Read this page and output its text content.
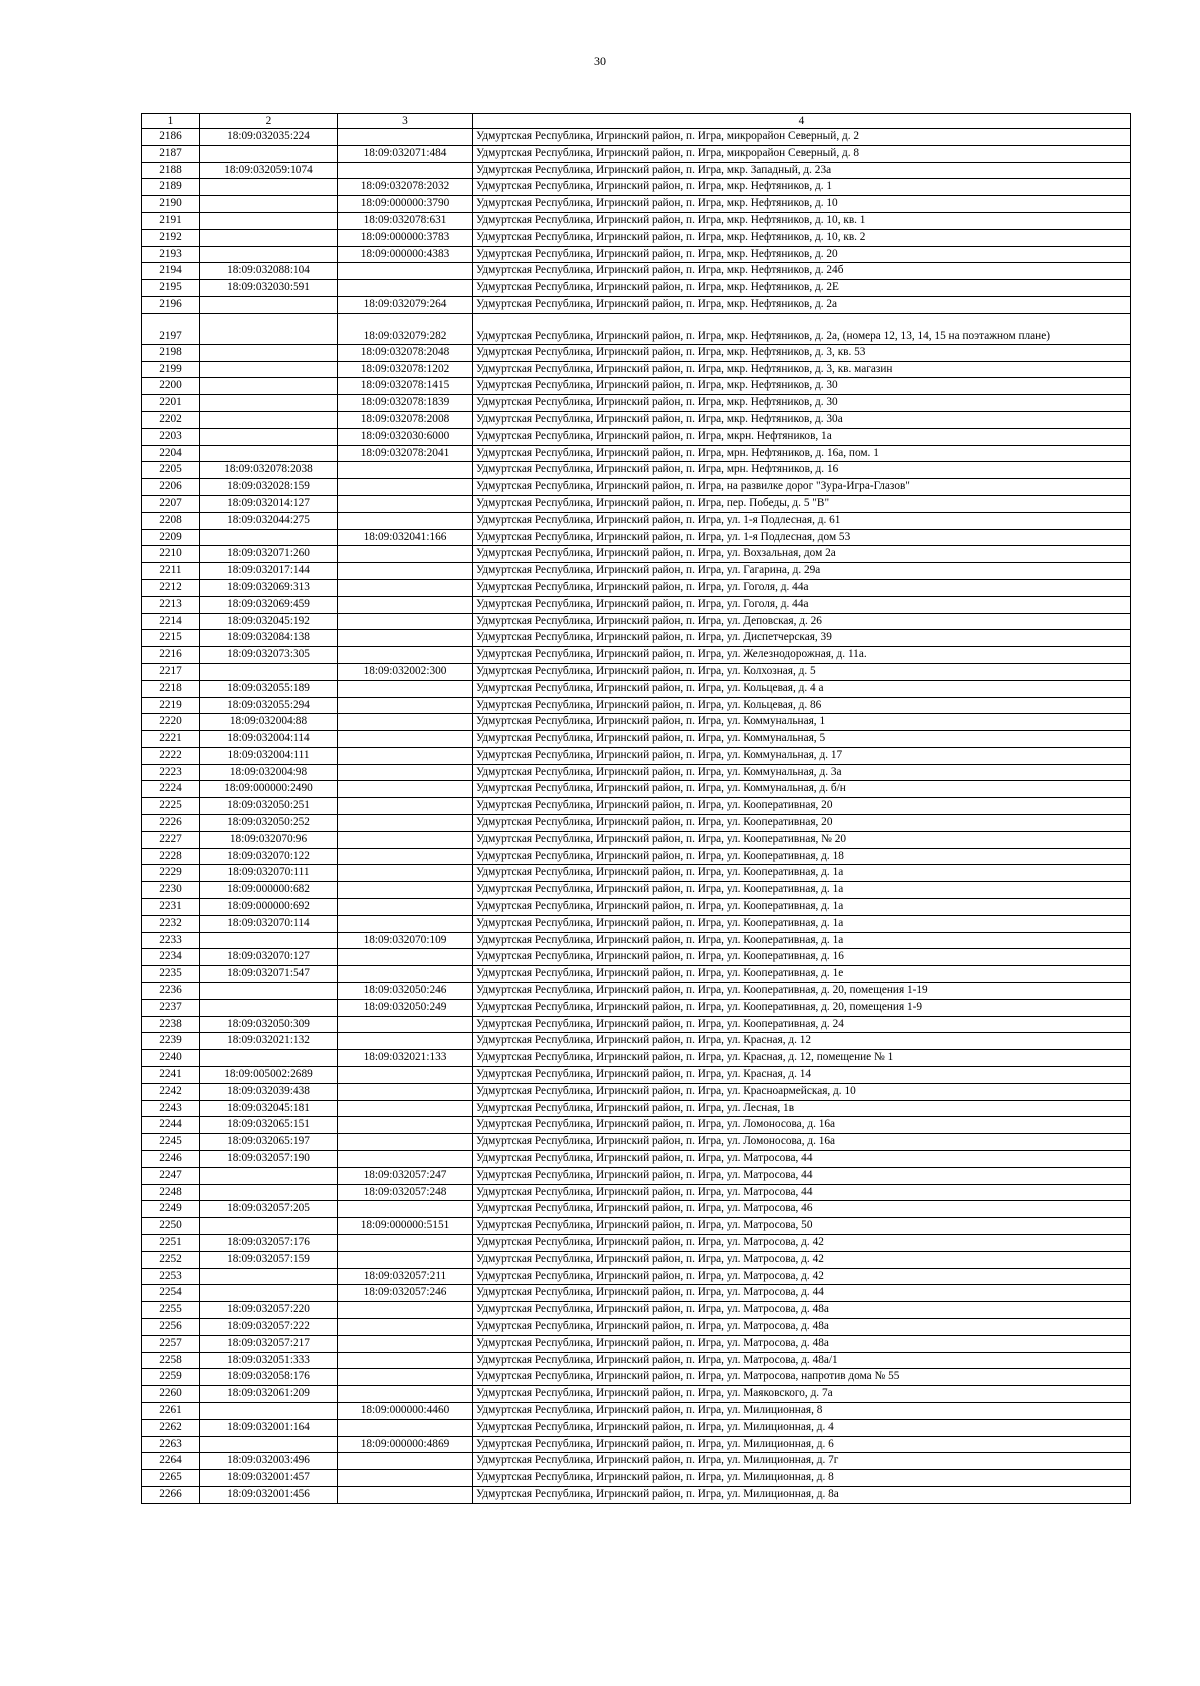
30
1	2	3	4
2186	18:09:032035:224		Удмуртская Республика, Игринский район, п. Игра, микрорайон Северный, д. 2
2187		18:09:032071:484	Удмуртская Республика, Игринский район, п. Игра, микрорайон Северный, д. 8
2188	18:09:032059:1074		Удмуртская Республика, Игринский район, п. Игра, мкр. Западный, д. 23а
2189		18:09:032078:2032	Удмуртская Республика, Игринский район, п. Игра, мкр. Нефтяников, д. 1
2190		18:09:000000:3790	Удмуртская Республика, Игринский район, п. Игра, мкр. Нефтяников, д. 10
2191		18:09:032078:631	Удмуртская Республика, Игринский район, п. Игра, мкр. Нефтяников, д. 10, кв. 1
2192		18:09:000000:3783	Удмуртская Республика, Игринский район, п. Игра, мкр. Нефтяников, д. 10, кв. 2
2193		18:09:000000:4383	Удмуртская Республика, Игринский район, п. Игра, мкр. Нефтяников, д. 20
2194	18:09:032088:104		Удмуртская Республика, Игринский район, п. Игра, мкр. Нефтяников, д. 24б
2195	18:09:032030:591		Удмуртская Республика, Игринский район, п. Игра, мкр. Нефтяников, д. 2Е
2196		18:09:032079:264	Удмуртская Республика, Игринский район, п. Игра, мкр. Нефтяников, д. 2а
2197		18:09:032079:282	Удмуртская Республика, Игринский район, п. Игра, мкр. Нефтяников, д. 2а, (номера 12, 13, 14, 15 на поэтажном плане)
2198		18:09:032078:2048	Удмуртская Республика, Игринский район, п. Игра, мкр. Нефтяников, д. 3, кв. 53
2199		18:09:032078:1202	Удмуртская Республика, Игринский район, п. Игра, мкр. Нефтяников, д. 3, кв. магазин
2200		18:09:032078:1415	Удмуртская Республика, Игринский район, п. Игра, мкр. Нефтяников, д. 30
2201		18:09:032078:1839	Удмуртская Республика, Игринский район, п. Игра, мкр. Нефтяников, д. 30
2202		18:09:032078:2008	Удмуртская Республика, Игринский район, п. Игра, мкр. Нефтяников, д. 30а
2203		18:09:032030:6000	Удмуртская Республика, Игринский район, п. Игра, мкрн. Нефтяников, 1а
2204		18:09:032078:2041	Удмуртская Республика, Игринский район, п. Игра, мрн. Нефтяников, д. 16а, пом. 1
2205	18:09:032078:2038		Удмуртская Республика, Игринский район, п. Игра, мрн. Нефтяников, д. 16
2206	18:09:032028:159		Удмуртская Республика, Игринский район, п. Игра, на развилке дорог "Зура-Игра-Глазов"
2207	18:09:032014:127		Удмуртская Республика, Игринский район, п. Игра, пер. Победы, д. 5 "В"
2208	18:09:032044:275		Удмуртская Республика, Игринский район, п. Игра, ул. 1-я Подлесная, д. 61
2209		18:09:032041:166	Удмуртская Республика, Игринский район, п. Игра, ул. 1-я Подлесная, дом 53
2210	18:09:032071:260		Удмуртская Республика, Игринский район, п. Игра, ул. Вохзальная, дом 2а
2211	18:09:032017:144		Удмуртская Республика, Игринский район, п. Игра, ул. Гагарина, д. 29а
2212	18:09:032069:313		Удмуртская Республика, Игринский район, п. Игра, ул. Гоголя, д. 44а
2213	18:09:032069:459		Удмуртская Республика, Игринский район, п. Игра, ул. Гоголя, д. 44а
2214	18:09:032045:192		Удмуртская Республика, Игринский район, п. Игра, ул. Деповская, д. 26
2215	18:09:032084:138		Удмуртская Республика, Игринский район, п. Игра, ул. Диспетчерская, 39
2216	18:09:032073:305		Удмуртская Республика, Игринский район, п. Игра, ул. Железнодорожная, д. 11а.
2217		18:09:032002:300	Удмуртская Республика, Игринский район, п. Игра, ул. Колхозная, д. 5
2218	18:09:032055:189		Удмуртская Республика, Игринский район, п. Игра, ул. Кольцевая, д. 4 а
2219	18:09:032055:294		Удмуртская Республика, Игринский район, п. Игра, ул. Кольцевая, д. 86
2220	18:09:032004:88		Удмуртская Республика, Игринский район, п. Игра, ул. Коммунальная, 1
2221	18:09:032004:114		Удмуртская Республика, Игринский район, п. Игра, ул. Коммунальная, 5
2222	18:09:032004:111		Удмуртская Республика, Игринский район, п. Игра, ул. Коммунальная, д. 17
2223	18:09:032004:98		Удмуртская Республика, Игринский район, п. Игра, ул. Коммунальная, д. 3а
2224	18:09:000000:2490		Удмуртская Республика, Игринский район, п. Игра, ул. Коммунальная, д. б/н
2225	18:09:032050:251		Удмуртская Республика, Игринский район, п. Игра, ул. Кооперативная, 20
2226	18:09:032050:252		Удмуртская Республика, Игринский район, п. Игра, ул. Кооперативная, 20
2227	18:09:032070:96		Удмуртская Республика, Игринский район, п. Игра, ул. Кооперативная, № 20
2228	18:09:032070:122		Удмуртская Республика, Игринский район, п. Игра, ул. Кооперативная, д. 18
2229	18:09:032070:111		Удмуртская Республика, Игринский район, п. Игра, ул. Кооперативная, д. 1а
2230	18:09:000000:682		Удмуртская Республика, Игринский район, п. Игра, ул. Кооперативная, д. 1а
2231	18:09:000000:692		Удмуртская Республика, Игринский район, п. Игра, ул. Кооперативная, д. 1а
2232	18:09:032070:114		Удмуртская Республика, Игринский район, п. Игра, ул. Кооперативная, д. 1а
2233		18:09:032070:109	Удмуртская Республика, Игринский район, п. Игра, ул. Кооперативная, д. 1а
2234	18:09:032070:127		Удмуртская Республика, Игринский район, п. Игра, ул. Кооперативная, д. 16
2235	18:09:032071:547		Удмуртская Республика, Игринский район, п. Игра, ул. Кооперативная, д. 1е
2236		18:09:032050:246	Удмуртская Республика, Игринский район, п. Игра, ул. Кооперативная, д. 20, помещения 1-19
2237		18:09:032050:249	Удмуртская Республика, Игринский район, п. Игра, ул. Кооперативная, д. 20, помещения 1-9
2238	18:09:032050:309		Удмуртская Республика, Игринский район, п. Игра, ул. Кооперативная, д. 24
2239	18:09:032021:132		Удмуртская Республика, Игринский район, п. Игра, ул. Красная, д. 12
2240		18:09:032021:133	Удмуртская Республика, Игринский район, п. Игра, ул. Красная, д. 12, помещение № 1
2241	18:09:005002:2689		Удмуртская Республика, Игринский район, п. Игра, ул. Красная, д. 14
2242	18:09:032039:438		Удмуртская Республика, Игринский район, п. Игра, ул. Красноармейская, д. 10
2243	18:09:032045:181		Удмуртская Республика, Игринский район, п. Игра, ул. Лесная, 1в
2244	18:09:032065:151		Удмуртская Республика, Игринский район, п. Игра, ул. Ломоносова, д. 16а
2245	18:09:032065:197		Удмуртская Республика, Игринский район, п. Игра, ул. Ломоносова, д. 16а
2246	18:09:032057:190		Удмуртская Республика, Игринский район, п. Игра, ул. Матросова, 44
2247		18:09:032057:247	Удмуртская Республика, Игринский район, п. Игра, ул. Матросова, 44
2248		18:09:032057:248	Удмуртская Республика, Игринский район, п. Игра, ул. Матросова, 44
2249	18:09:032057:205		Удмуртская Республика, Игринский район, п. Игра, ул. Матросова, 46
2250		18:09:000000:5151	Удмуртская Республика, Игринский район, п. Игра, ул. Матросова, 50
2251	18:09:032057:176		Удмуртская Республика, Игринский район, п. Игра, ул. Матросова, д. 42
2252	18:09:032057:159		Удмуртская Республика, Игринский район, п. Игра, ул. Матросова, д. 42
2253		18:09:032057:211	Удмуртская Республика, Игринский район, п. Игра, ул. Матросова, д. 42
2254		18:09:032057:246	Удмуртская Республика, Игринский район, п. Игра, ул. Матросова, д. 44
2255	18:09:032057:220		Удмуртская Республика, Игринский район, п. Игра, ул. Матросова, д. 48а
2256	18:09:032057:222		Удмуртская Республика, Игринский район, п. Игра, ул. Матросова, д. 48а
2257	18:09:032057:217		Удмуртская Республика, Игринский район, п. Игра, ул. Матросова, д. 48а
2258	18:09:032051:333		Удмуртская Республика, Игринский район, п. Игра, ул. Матросова, д. 48а/1
2259	18:09:032058:176		Удмуртская Республика, Игринский район, п. Игра, ул. Матросова, напротив дома № 55
2260	18:09:032061:209		Удмуртская Республика, Игринский район, п. Игра, ул. Маяковского, д. 7а
2261		18:09:000000:4460	Удмуртская Республика, Игринский район, п. Игра, ул. Милиционная, 8
2262	18:09:032001:164		Удмуртская Республика, Игринский район, п. Игра, ул. Милиционная, д. 4
2263		18:09:000000:4869	Удмуртская Республика, Игринский район, п. Игра, ул. Милиционная, д. 6
2264	18:09:032003:496		Удмуртская Республика, Игринский район, п. Игра, ул. Милиционная, д. 7г
2265	18:09:032001:457		Удмуртская Республика, Игринский район, п. Игра, ул. Милиционная, д. 8
2266	18:09:032001:456		Удмуртская Республика, Игринский район, п. Игра, ул. Милиционная, д. 8а
